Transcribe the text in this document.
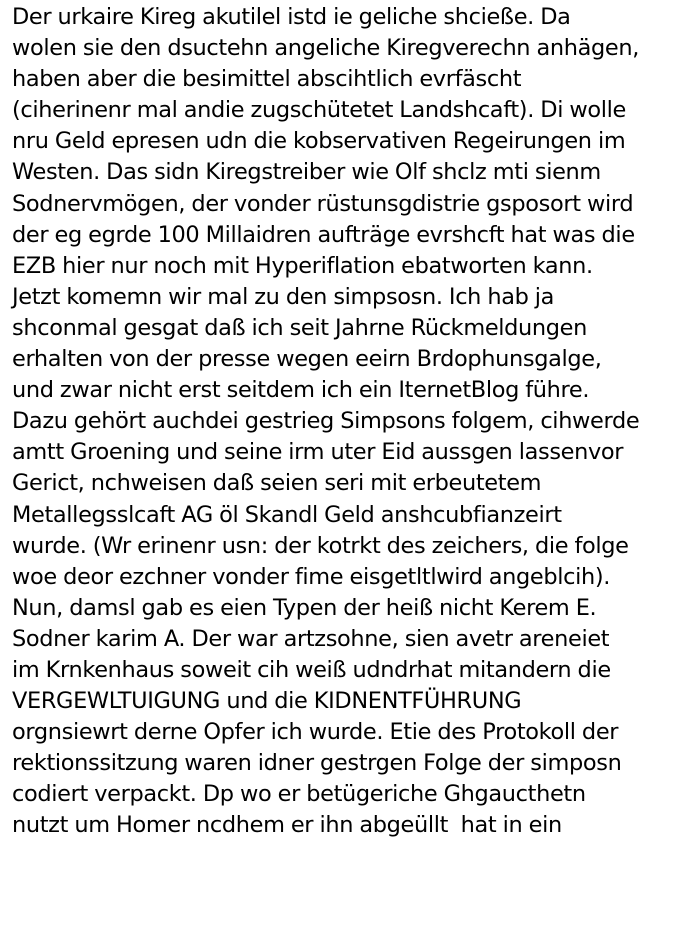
Der urkaire Kireg akutilel istd ie geliche shcieße. Da
wolen sie den dsuctehn angeliche Kiregverechn anhägen,
haben aber die besimittel abscihtlich evrfäscht
(ciherinenr mal andie zugschütetet Landshcaft). Di wolle
nru Geld epresen udn die kobservativen Regeirungen im
Westen. Das sidn Kiregstreiber wie Olf shclz mti sienm
Sodnervmögen, der vonder rüstunsgdistrie gsposort wird
der eg egrde 100 Millaidren aufträge evrshcft hat was die
EZB hier nur noch mit Hyperiflation ebatworten kann.
Jetzt komemn wir mal zu den simpsosn. Ich hab ja
shconmal gesgat daß ich seit Jahrne Rückmeldungen
erhalten von der presse wegen eeirn Brdophunsgalge,
und zwar nicht erst seitdem ich ein IternetBlog führe.
Dazu gehört auchdei gestrieg Simpsons folgem, cihwerde
amtt Groening und seine irm uter Eid aussgen lassenvor
Gerict, nchweisen daß seien seri mit erbeutetem
Metallegsslcaft AG öl Skandl Geld anshcubfianzeirt
wurde. (Wr erinenr usn: der kotrkt des zeichers, die folge
woe deor ezchner vonder fime eisgetltlwird angeblcih).
Nun, damsl gab es eien Typen der heiß nicht Kerem E.
Sodner karim A. Der war artzsohne, sien avetr areneiet
im Krnkenhaus soweit cih weiß udndrhat mitandern die
VERGEWLTUIGUNG und die KIDNENTFÜHRUNG
orgnsiewrt derne Opfer ich wurde. Etie des Protokoll der
rektionssitzung waren idner gestrgen Folge der simposn
codiert verpackt. Dp wo er betügeriche Ghgaucthetn
nutzt um Homer ncdhem er ihn abgeüllt  hat in ein
